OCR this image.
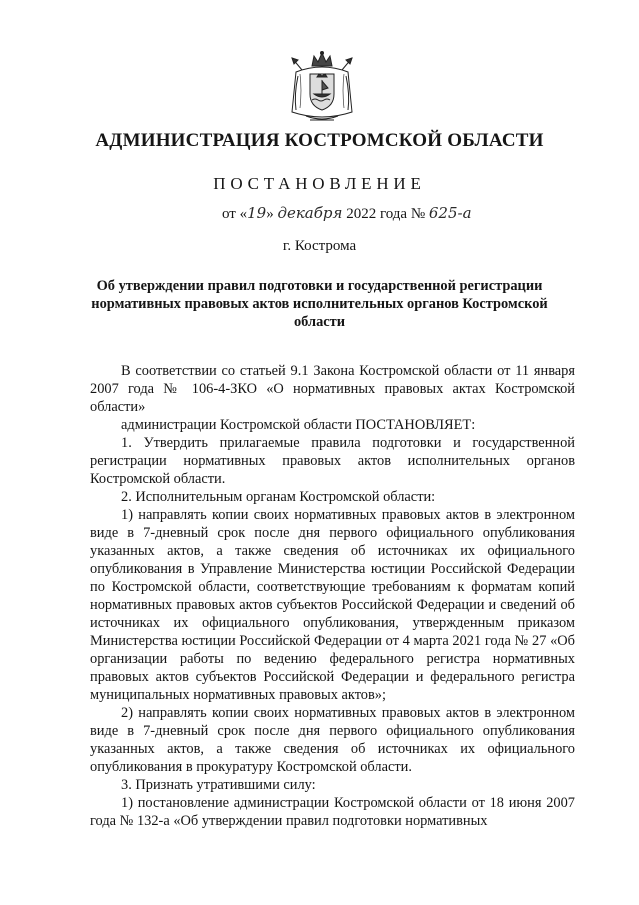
АДМИНИСТРАЦИЯ КОСТРОМСКОЙ ОБЛАСТИ
ПОСТАНОВЛЕНИЕ
от «19» декабря 2022 года № 625-а
г. Кострома
Об утверждении правил подготовки и государственной регистрации нормативных правовых актов исполнительных органов Костромской области

В соответствии со статьей 9.1 Закона Костромской области от 11 января 2007 года № 106-4-ЗКО «О нормативных правовых актах Костромской области»

администрации Костромской области ПОСТАНОВЛЯЕТ:

1. Утвердить прилагаемые правила подготовки и государственной регистрации нормативных правовых актов исполнительных органов Костромской области.

2. Исполнительным органам Костромской области:

1) направлять копии своих нормативных правовых актов в электронном виде в 7-дневный срок после дня первого официального опубликования указанных актов, а также сведения об источниках их официального опубликования в Управление Министерства юстиции Российской Федерации по Костромской области, соответствующие требованиям к форматам копий нормативных правовых актов субъектов Российской Федерации и сведений об источниках их официального опубликования, утвержденным приказом Министерства юстиции Российской Федерации от 4 марта 2021 года № 27 «Об организации работы по ведению федерального регистра нормативных правовых актов субъектов Российской Федерации и федерального регистра муниципальных нормативных правовых актов»;

2) направлять копии своих нормативных правовых актов в электронном виде в 7-дневный срок после дня первого официального опубликования указанных актов, а также сведения об источниках их официального опубликования в прокуратуру Костромской области.

3. Признать утратившими силу:

1) постановление администрации Костромской области от 18 июня 2007 года № 132-а «Об утверждении правил подготовки нормативных
